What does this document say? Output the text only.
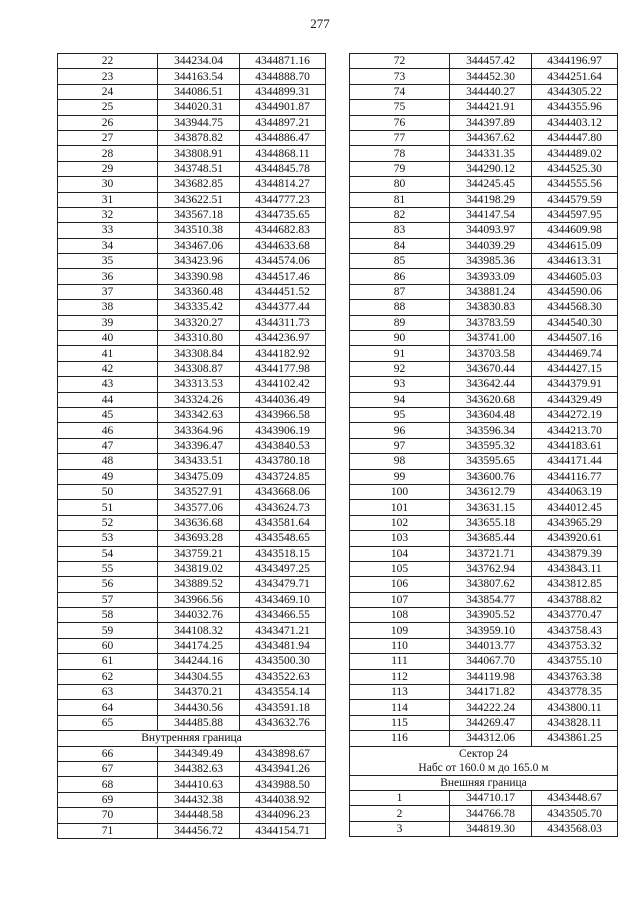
277
22	344234.04	4344871.16
23	344163.54	4344888.70
24	344086.51	4344899.31
25	344020.31	4344901.87
26	343944.75	4344897.21
27	343878.82	4344886.47
28	343808.91	4344868.11
29	343748.51	4344845.78
30	343682.85	4344814.27
31	343622.51	4344777.23
32	343567.18	4344735.65
33	343510.38	4344682.83
34	343467.06	4344633.68
35	343423.96	4344574.06
36	343390.98	4344517.46
37	343360.48	4344451.52
38	343335.42	4344377.44
39	343320.27	4344311.73
40	343310.80	4344236.97
41	343308.84	4344182.92
42	343308.87	4344177.98
43	343313.53	4344102.42
44	343324.26	4344036.49
45	343342.63	4343966.58
46	343364.96	4343906.19
47	343396.47	4343840.53
48	343433.51	4343780.18
49	343475.09	4343724.85
50	343527.91	4343668.06
51	343577.06	4343624.73
52	343636.68	4343581.64
53	343693.28	4343548.65
54	343759.21	4343518.15
55	343819.02	4343497.25
56	343889.52	4343479.71
57	343966.56	4343469.10
58	344032.76	4343466.55
59	344108.32	4343471.21
60	344174.25	4343481.94
61	344244.16	4343500.30
62	344304.55	4343522.63
63	344370.21	4343554.14
64	344430.56	4343591.18
65	344485.88	4343632.76
Внутренняя граница		
66	344349.49	4343898.67
67	344382.63	4343941.26
68	344410.63	4343988.50
69	344432.38	4344038.92
70	344448.58	4344096.23
71	344456.72	4344154.71
72	344457.42	4344196.97
73	344452.30	4344251.64
74	344440.27	4344305.22
75	344421.91	4344355.96
76	344397.89	4344403.12
77	344367.62	4344447.80
78	344331.35	4344489.02
79	344290.12	4344525.30
80	344245.45	4344555.56
81	344198.29	4344579.59
82	344147.54	4344597.95
83	344093.97	4344609.98
84	344039.29	4344615.09
85	343985.36	4344613.31
86	343933.09	4344605.03
87	343881.24	4344590.06
88	343830.83	4344568.30
89	343783.59	4344540.30
90	343741.00	4344507.16
91	343703.58	4344469.74
92	343670.44	4344427.15
93	343642.44	4344379.91
94	343620.68	4344329.49
95	343604.48	4344272.19
96	343596.34	4344213.70
97	343595.32	4344183.61
98	343595.65	4344171.44
99	343600.76	4344116.77
100	343612.79	4344063.19
101	343631.15	4344012.45
102	343655.18	4343965.29
103	343685.44	4343920.61
104	343721.71	4343879.39
105	343762.94	4343843.11
106	343807.62	4343812.85
107	343854.77	4343788.82
108	343905.52	4343770.47
109	343959.10	4343758.43
110	344013.77	4343753.32
111	344067.70	4343755.10
112	344119.98	4343763.38
113	344171.82	4343778.35
114	344222.24	4343800.11
115	344269.47	4343828.11
116	344312.06	4343861.25

Сектор 24
Набс от 160.0 м до 165.0 м		

Внешняя граница		
1	344710.17	4343448.67
2	344766.78	4343505.70
3	344819.30	4343568.03
